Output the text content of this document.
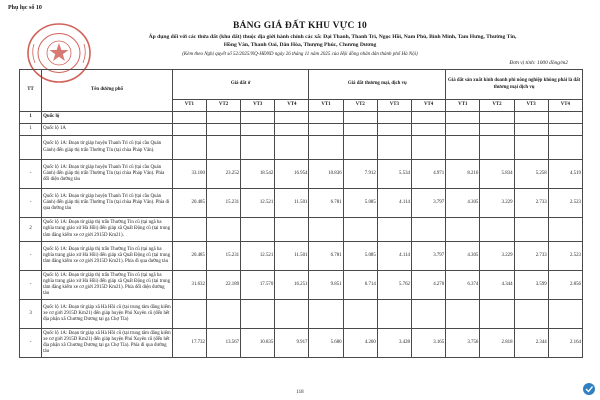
Phụ lục số 10
BẢNG GIÁ ĐẤT KHU VỰC 10
Áp dụng đối với các thửa đất (khu đất) thuộc địa giới hành chính các xã: Đại Thanh, Thanh Trì, Ngọc Hồi, Nam Phù, Bình Minh, Tam Hưng, Thường Tín,
Hồng Vân, Thanh Oai, Dân Hòa, Thượng Phúc, Chương Dương
(Kèm theo Nghị quyết số 52/2025/NQ-HĐND ngày 26 tháng 11 năm 2025 của Hội đồng nhân dân thành phố Hà Nội)
Đơn vị tính: 1000 đồng/m2
TT	Tên đường phố	Giá đất ở				Giá đất thương mại, dịch vụ				Giá đất sản xuất kinh doanh phi nông nghiệp không phải là đất thương mại dịch vụ			
		VT1	VT2	VT3	VT4	VT1	VT2	VT3	VT4	VT1	VT2	VT3	VT4
1	Quốc lộ												
1	Quốc lộ 1A												
	Quốc lộ 1A: Đoạn từ giáp huyện Thanh Trì cũ (tại cầu Quán Gánh) đến giáp thị trấn Thường Tín (tại chùa Pháp Vân).												
-	Quốc lộ 1A: Đoạn từ giáp huyện Thanh Trì cũ (tại cầu Quán Gánh) đến giáp thị trấn Thường Tín (tại chùa Pháp Vân). Phía đối diện đường tàu	33.100	23.252	18.542	16.954	10.836	7.912	5.534	4.971	8.216	5.834	5.258	4.519
-	Quốc lộ 1A: Đoạn từ giáp huyện Thanh Trì cũ (tại cầu Quán Gánh) đến giáp thị trấn Thường Tín (tại chùa Pháp Vân). Phía đi qua đường tàu	20.485	15.231	12.521	11.501	6.781	5.085	4.114	3.797	4.305	3.229	2.733	2.523
2	Quốc lộ 1A: Đoạn từ giáp thị trấn Thường Tín cũ (tại ngã ba nghĩa trang giáo xứ Hà Hồi) đến giáp xã Quất Động cũ (tại trung tâm đăng kiểm xe cơ giới 2915D Km21).												
-	Quốc lộ 1A: Đoạn từ giáp thị trấn Thường Tín cũ (tại ngã ba nghĩa trang giáo xứ Hà Hồi) đến giáp xã Quất Động cũ (tại trung tâm đăng kiểm xe cơ giới 2915D Km21). Phía đi qua đường tàu	20.485	15.231	12.521	11.501	6.781	5.085	4.114	3.797	4.305	3.229	2.733	2.523
-	Quốc lộ 1A: Đoạn từ giáp thị trấn Thường Tín cũ (tại ngã ba nghĩa trang giáo xứ Hà Hồi) đến giáp xã Quất Động cũ (tại trung tâm đăng kiểm xe cơ giới 2915D Km21). Phía đối diện đường tàu	31.632	22.189	17.570	16.251	9.851	6.714	5.762	4.270	6.374	4.344	3.599	2.856
3	Quốc lộ 1A: Đoạn từ giáp xã Hà Hồi cũ (tại trung tâm đăng kiểm xe cơ giới 2915D Km21) đến giáp huyện Phú Xuyên cũ (đến hết địa phận xã Chương Dương tại gạ Chợ Tía)												
-	Quốc lộ 1A: Đoạn từ giáp xã Hà Hồi cũ (tại trung tâm đăng kiểm xe cơ giới 2915D Km21) đến giáp huyện Phú Xuyên cũ (đến hết địa phận xã Chương Dương tại ga Chợ Tía). Phía đi qua đường tàu	17.732	13.567	10.835	9.917	5.680	4.260	3.428	3.165	3.756	2.818	2.344	2.164
118
